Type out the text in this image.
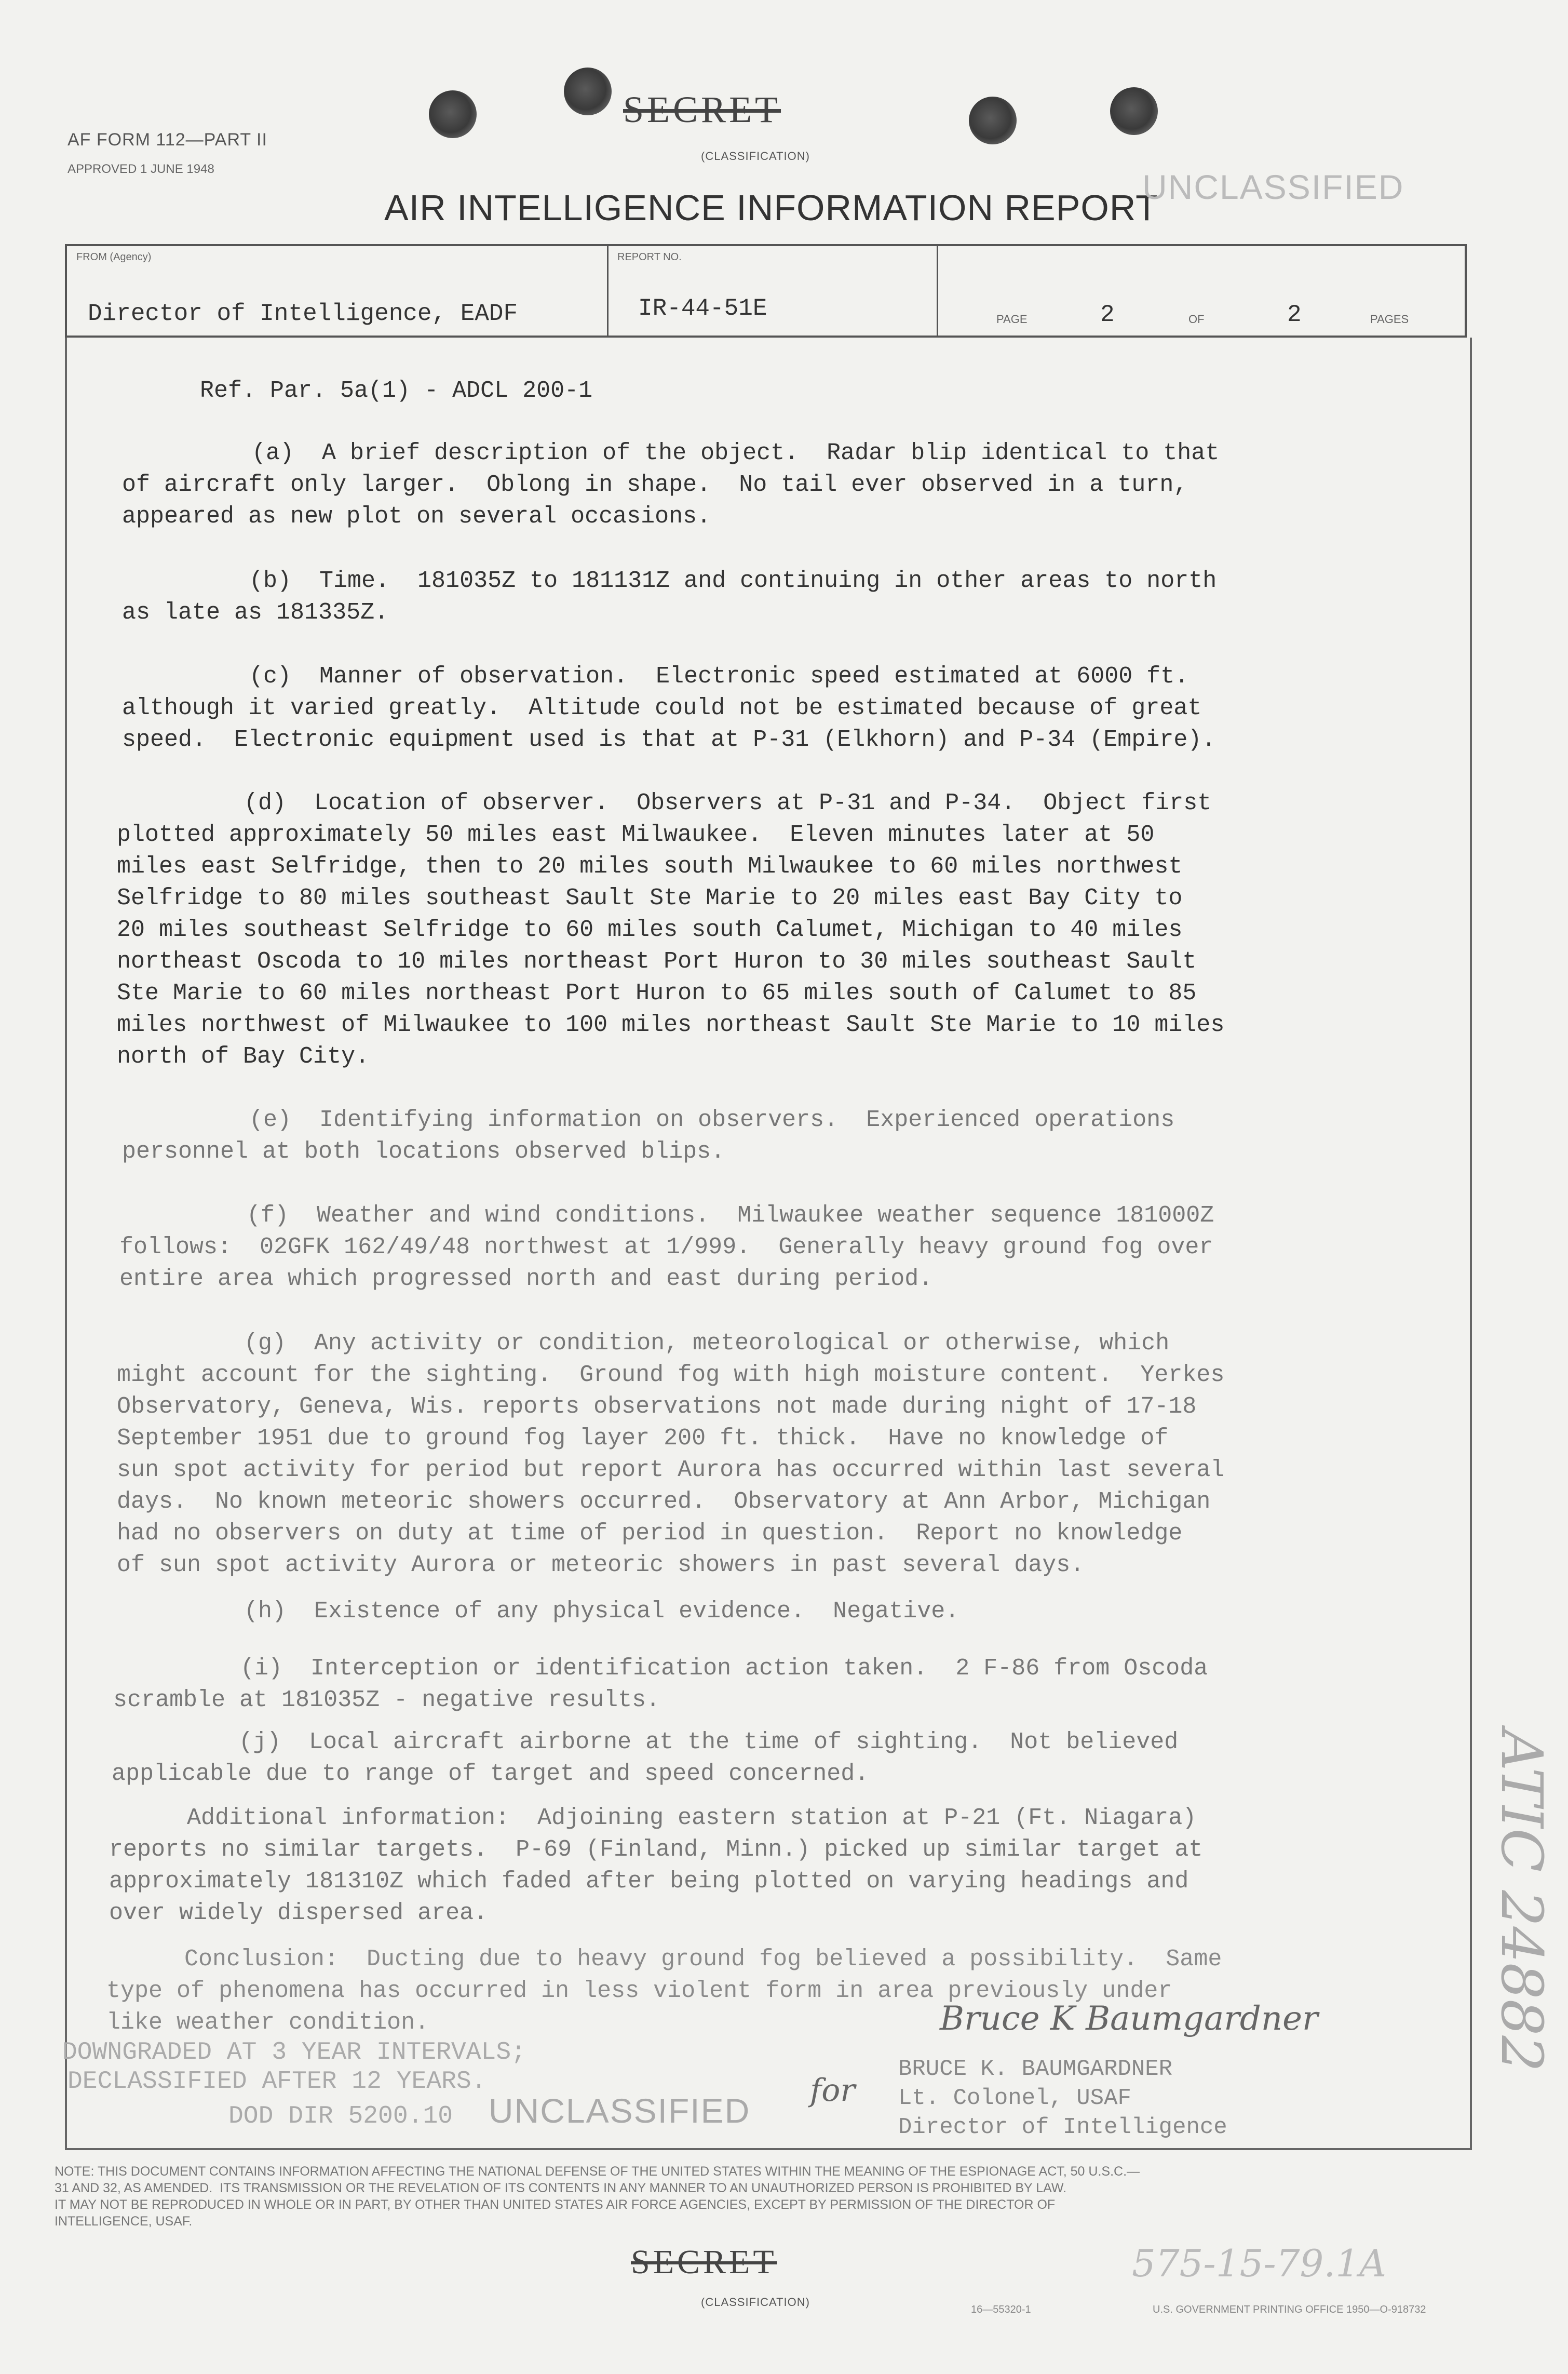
AF FORM 112—PART II
APPROVED 1 JUNE 1948
SECRET
(CLASSIFICATION)
AIR INTELLIGENCE INFORMATION REPORT
UNCLASSIFIED
FROM (Agency)
Director of Intelligence, EADF
REPORT NO.
IR-44-51E	PAGE	2	OF	2	PAGES
Ref. Par. 5a(1) - ADCL 200-1

(a)  A brief description of the object.  Radar blip identical to that
of aircraft only larger.  Oblong in shape.  No tail ever observed in a turn,
appeared as new plot on several occasions.

(b)  Time.  181035Z to 181131Z and continuing in other areas to north
as late as 181335Z.

(c)  Manner of observation.  Electronic speed estimated at 6000 ft.
although it varied greatly.  Altitude could not be estimated because of great
speed.  Electronic equipment used is that at P-31 (Elkhorn) and P-34 (Empire).

(d)  Location of observer.  Observers at P-31 and P-34.  Object first
plotted approximately 50 miles east Milwaukee.  Eleven minutes later at 50
miles east Selfridge, then to 20 miles south Milwaukee to 60 miles northwest
Selfridge to 80 miles southeast Sault Ste Marie to 20 miles east Bay City to
20 miles southeast Selfridge to 60 miles south Calumet, Michigan to 40 miles
northeast Oscoda to 10 miles northeast Port Huron to 30 miles southeast Sault
Ste Marie to 60 miles northeast Port Huron to 65 miles south of Calumet to 85
miles northwest of Milwaukee to 100 miles northeast Sault Ste Marie to 10 miles
north of Bay City.

(e)  Identifying information on observers.  Experienced operations
personnel at both locations observed blips.

(f)  Weather and wind conditions.  Milwaukee weather sequence 181000Z
follows:  02GFK 162/49/48 northwest at 1/999.  Generally heavy ground fog over
entire area which progressed north and east during period.

(g)  Any activity or condition, meteorological or otherwise, which
might account for the sighting.  Ground fog with high moisture content.  Yerkes
Observatory, Geneva, Wis. reports observations not made during night of 17-18
September 1951 due to ground fog layer 200 ft. thick.  Have no knowledge of
sun spot activity for period but report Aurora has occurred within last several
days.  No known meteoric showers occurred.  Observatory at Ann Arbor, Michigan
had no observers on duty at time of period in question.  Report no knowledge
of sun spot activity Aurora or meteoric showers in past several days.

(h)  Existence of any physical evidence.  Negative.

(i)  Interception or identification action taken.  2 F-86 from Oscoda
scramble at 181035Z - negative results.

(j)  Local aircraft airborne at the time of sighting.  Not believed
applicable due to range of target and speed concerned.

Additional information:  Adjoining eastern station at P-21 (Ft. Niagara)
reports no similar targets.  P-69 (Finland, Minn.) picked up similar target at
approximately 181310Z which faded after being plotted on varying headings and
over widely dispersed area.

Conclusion:  Ducting due to heavy ground fog believed a possibility.  Same
type of phenomena has occurred in less violent form in area previously under
like weather condition.

DOWNGRADED AT 3 YEAR INTERVALS;
DECLASSIFIED AFTER 12 YEARS.
DOD DIR 5200.10 UNCLASSIFIED
Bruce K Baumgardner
for
BRUCE K. BAUMGARDNER
Lt. Colonel, USAF
Director of Intelligence
NOTE: THIS DOCUMENT CONTAINS INFORMATION AFFECTING THE NATIONAL DEFENSE OF THE UNITED STATES WITHIN THE MEANING OF THE ESPIONAGE ACT, 50 U.S.C.—
31 AND 32, AS AMENDED.  ITS TRANSMISSION OR THE REVELATION OF ITS CONTENTS IN ANY MANNER TO AN UNAUTHORIZED PERSON IS PROHIBITED BY LAW.
IT MAY NOT BE REPRODUCED IN WHOLE OR IN PART, BY OTHER THAN UNITED STATES AIR FORCE AGENCIES, EXCEPT BY PERMISSION OF THE DIRECTOR OF
INTELLIGENCE, USAF.
SECRET
(CLASSIFICATION)
ATIC 24882
575-15-79.1A
16—55320-1	U.S. GOVERNMENT PRINTING OFFICE 1950—O-918732
